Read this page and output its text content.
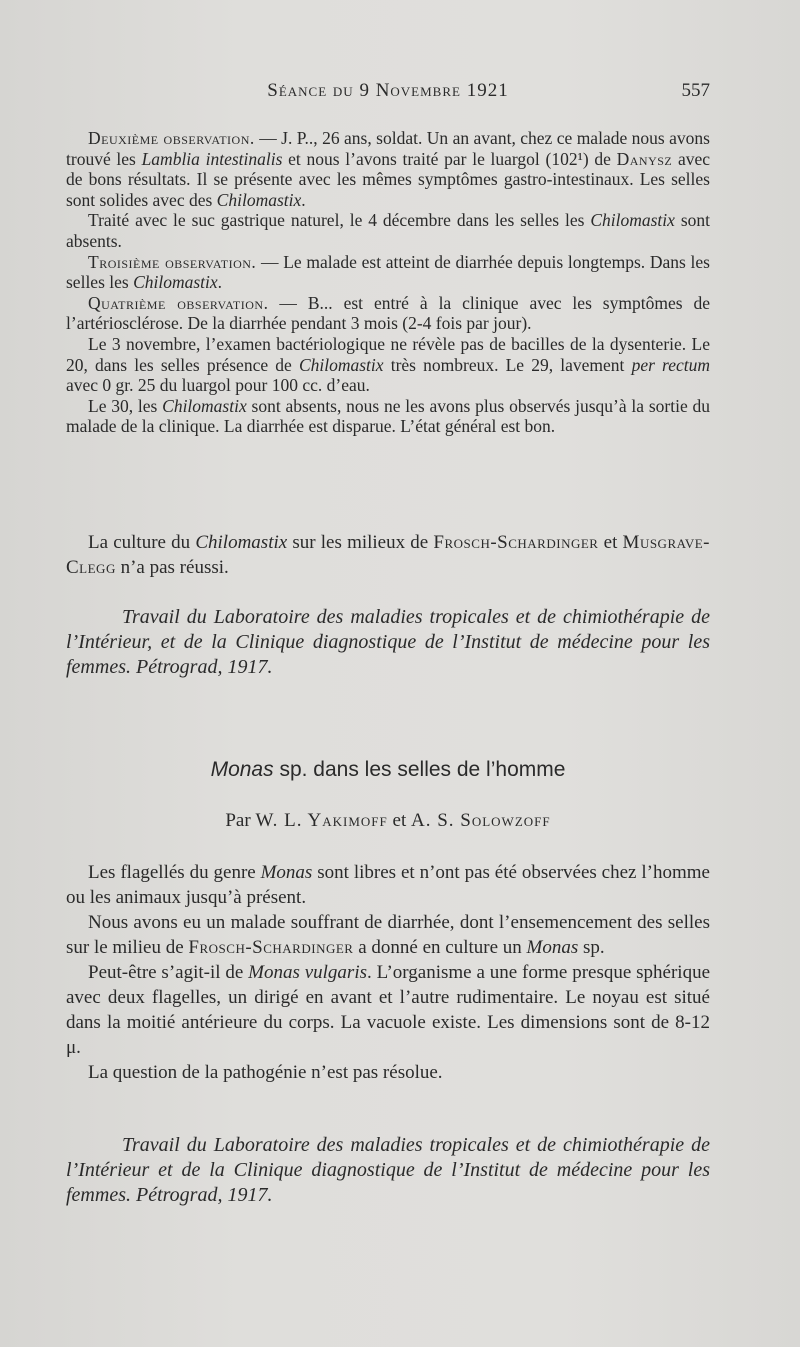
Séance du 9 Novembre 1921	557

Deuxième observation. — J. P.., 26 ans, soldat. Un an avant, chez ce malade nous avons trouvé les Lamblia intestinalis et nous l’avons traité par le luargol (102¹) de Danysz avec de bons résultats. Il se présente avec les mêmes symptômes gastro-intestinaux. Les selles sont solides avec des Chilomastix.

Traité avec le suc gastrique naturel, le 4 décembre dans les selles les Chilomastix sont absents.

Troisième observation. — Le malade est atteint de diarrhée depuis longtemps. Dans les selles les Chilomastix.

Quatrième observation. — B... est entré à la clinique avec les symptômes de l’artériosclérose. De la diarrhée pendant 3 mois (2-4 fois par jour).

Le 3 novembre, l’examen bactériologique ne révèle pas de bacilles de la dysenterie. Le 20, dans les selles présence de Chilomastix très nombreux. Le 29, lavement per rectum avec 0 gr. 25 du luargol pour 100 cc. d’eau.

Le 30, les Chilomastix sont absents, nous ne les avons plus observés jusqu’à la sortie du malade de la clinique. La diarrhée est disparue. L’état général est bon.

La culture du Chilomastix sur les milieux de Frosch-Schardinger et Musgrave-Clegg n’a pas réussi.

Travail du Laboratoire des maladies tropicales et de chimiothérapie de l’Intérieur, et de la Clinique diagnostique de l’Institut de médecine pour les femmes. Pétrograd, 1917.

Monas sp. dans les selles de l’homme

Par W. L. Yakimoff et A. S. Solowzoff

Les flagellés du genre Monas sont libres et n’ont pas été observées chez l’homme ou les animaux jusqu’à présent.

Nous avons eu un malade souffrant de diarrhée, dont l’ensemencement des selles sur le milieu de Frosch-Schardinger a donné en culture un Monas sp.

Peut-être s’agit-il de Monas vulgaris. L’organisme a une forme presque sphérique avec deux flagelles, un dirigé en avant et l’autre rudimentaire. Le noyau est situé dans la moitié antérieure du corps. La vacuole existe. Les dimensions sont de 8-12 μ.

La question de la pathogénie n’est pas résolue.

Travail du Laboratoire des maladies tropicales et de chimiothérapie de l’Intérieur et de la Clinique diagnostique de l’Institut de médecine pour les femmes. Pétrograd, 1917.
